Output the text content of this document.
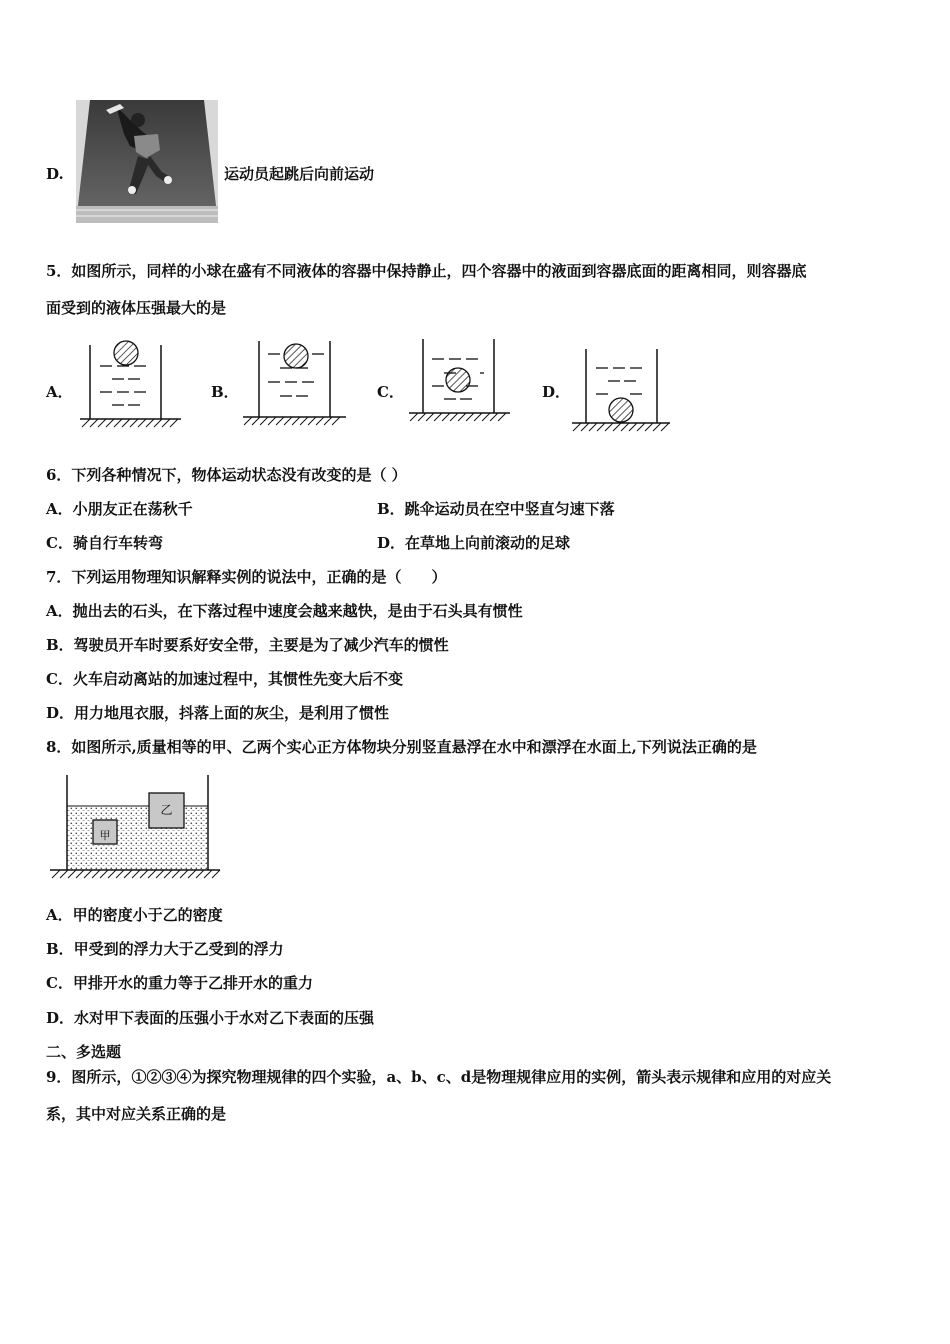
D.	运动员起跳后向前运动
5．如图所示，同样的小球在盛有不同液体的容器中保持静止，四个容器中的液面到容器底面的距离相同，则容器底
面受到的液体压强最大的是
A．	B．	C．	D．
6．下列各种情况下，物体运动状态没有改变的是（ ）
A．小朋友正在荡秋千	B．跳伞运动员在空中竖直匀速下落
C．骑自行车转弯	D．在草地上向前滚动的足球
7．下列运用物理知识解释实例的说法中，正确的是（　　）
A．抛出去的石头，在下落过程中速度会越来越快，是由于石头具有惯性
B．驾驶员开车时要系好安全带，主要是为了减少汽车的惯性
C．火车启动离站的加速过程中，其惯性先变大后不变
D．用力地甩衣服，抖落上面的灰尘，是利用了惯性
8．如图所示,质量相等的甲、乙两个实心正方体物块分别竖直悬浮在水中和漂浮在水面上,下列说法正确的是
甲
乙
A．甲的密度小于乙的密度
B．甲受到的浮力大于乙受到的浮力
C．甲排开水的重力等于乙排开水的重力
D．水对甲下表面的压强小于水对乙下表面的压强
二、多选题
9．图所示，①②③④为探究物理规律的四个实验，a、b、c、d是物理规律应用的实例，箭头表示规律和应用的对应关
系，其中对应关系正确的是
